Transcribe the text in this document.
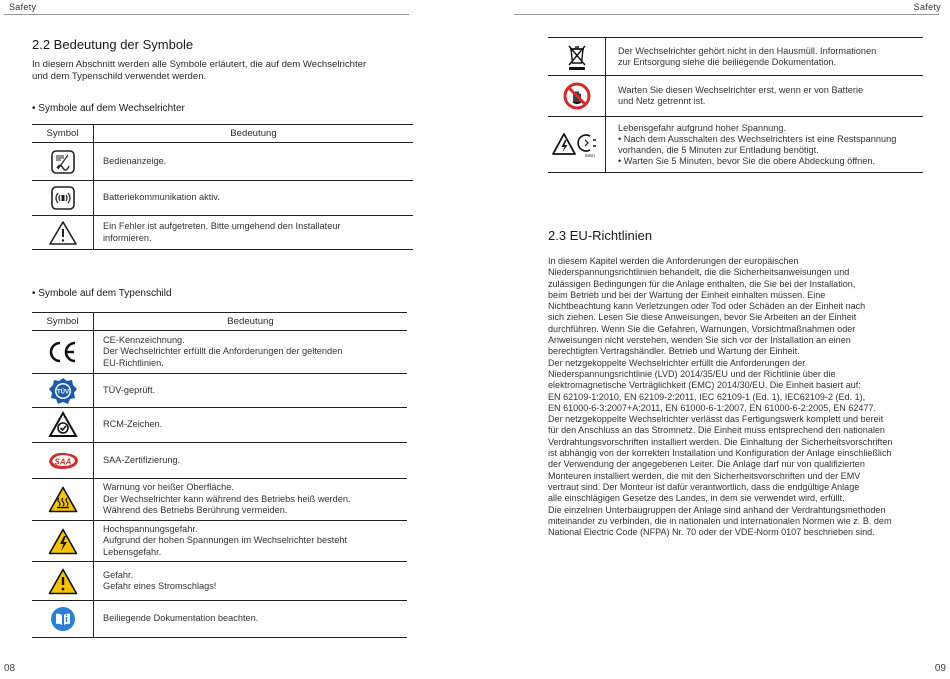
Safety
2.2 Bedeutung der Symbole

In diesem Abschnitt werden alle Symbole erläutert, die auf dem Wechselrichter
und dem Typenschild verwendet werden.

• Symbole auf dem Wechselrichter
Symbol	Bedeutung

Bedienanzeige.

Batteriekommunikation aktiv.

Ein Fehler ist aufgetreten. Bitte umgehend den Installateur
informieren.
• Symbole auf dem Typenschild
Symbol	Bedeutung

CE-Kennzeichnung.
Der Wechselrichter erfüllt die Anforderungen der geltenden
EU-Richtlinien.

TÜV	TÜV-geprüft.

RCM-Zeichen.

SAA	SAA-Zertifizierung.

Warnung vor heißer Oberfläche.
Der Wechselrichter kann während des Betriebs heiß werden.
Während des Betriebs Berührung vermeiden.

Hochspannungsgefahr.
Aufgrund der hohen Spannungen im Wechselrichter besteht
Lebensgefahr.

Gefahr.
Gefahr eines Stromschlags!

Beiliegende Dokumentation beachten.
08
Safety

Der Wechselrichter gehört nicht in den Hausmüll. Informationen
zur Entsorgung siehe die beiliegende Dokumentation.

Warten Sie diesen Wechselrichter erst, wenn er von Batterie
und Netz getrennt ist.

5min	Lebensgefahr aufgrund hoher Spannung.
• Nach dem Ausschalten des Wechselrichters ist eine Restspannung
vorhanden, die 5 Minuten zur Entladung benötigt.
• Warten Sie 5 Minuten, bevor Sie die obere Abdeckung öffnen.
2.3 EU-Richtlinien

In diesem Kapitel werden die Anforderungen der europäischen
Niederspannungsrichtlinien behandelt, die die Sicherheitsanweisungen und
zulässigen Bedingungen für die Anlage enthalten, die Sie bei der Installation,
beim Betrieb und bei der Wartung der Einheit einhalten müssen. Eine
Nichtbeachtung kann Verletzungen oder Tod oder Schäden an der Einheit nach
sich ziehen. Lesen Sie diese Anweisungen, bevor Sie Arbeiten an der Einheit
durchführen. Wenn Sie die Gefahren, Warnungen, Vorsichtmaßnahmen oder
Anweisungen nicht verstehen, wenden Sie sich vor der Installation an einen
berechtigten Vertragshändler. Betrieb und Wartung der Einheit.
Der netzgekoppelte Wechselrichter erfüllt die Anforderungen der
Niederspannungsrichtlinie (LVD) 2014/35/EU und der Richtlinie über die
elektromagnetische Verträglichkeit (EMC) 2014/30/EU. Die Einheit basiert auf:
EN 62109-1:2010, EN 62109-2:2011, IEC 62109-1 (Ed. 1), IEC62109-2 (Ed. 1),
EN 61000-6-3:2007+A:2011, EN 61000-6-1:2007, EN 61000-6-2:2005, EN 62477.
Der netzgekoppelte Wechselrichter verlässt das Fertigungswerk komplett und bereit
für den Anschluss an das Stromnetz. Die Einheit muss entsprechend den nationalen
Verdrahtungsvorschriften installiert werden. Die Einhaltung der Sicherheitsvorschriften
ist abhängig von der korrekten Installation und Konfiguration der Anlage einschließlich
der Verwendung der angegebenen Leiter. Die Anlage darf nur von qualifizierten
Monteuren installiert werden, die mit den Sicherheitsvorschriften und der EMV
vertraut sind. Der Monteur ist dafür verantwortlich, dass die endgültige Anlage
alle einschlägigen Gesetze des Landes, in dem sie verwendet wird, erfüllt.
Die einzelnen Unterbaugruppen der Anlage sind anhand der Verdrahtungsmethoden
miteinander zu verbinden, die in nationalen und internationalen Normen wie z. B. dem
National Electric Code (NFPA) Nr. 70 oder der VDE-Norm 0107 beschrieben sind.

09
